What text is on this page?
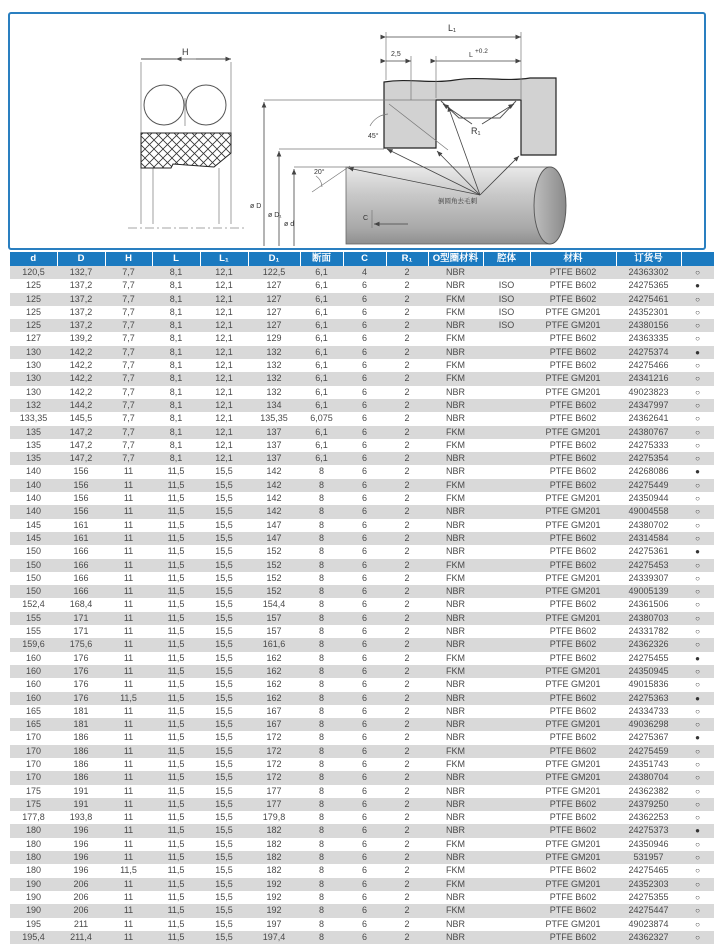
H
R₁
L₁
2,5	L
+0.2
45°
20°
ø D
ø D₁
ø d
C
倒圆角去毛刺
d	D	H	L	L₁	D₁	断面	C	R₁	O型圈材料	腔体	材料	订货号	
120,5	132,7	7,7	8,1	12,1	122,5	6,1	4	2	NBR		PTFE B602	24363302	○
125	137,2	7,7	8,1	12,1	127	6,1	6	2	NBR	ISO	PTFE B602	24275365	●
125	137,2	7,7	8,1	12,1	127	6,1	6	2	FKM	ISO	PTFE B602	24275461	○
125	137,2	7,7	8,1	12,1	127	6,1	6	2	FKM	ISO	PTFE GM201	24352301	○
125	137,2	7,7	8,1	12,1	127	6,1	6	2	NBR	ISO	PTFE GM201	24380156	○
127	139,2	7,7	8,1	12,1	129	6,1	6	2	FKM		PTFE B602	24363335	○
130	142,2	7,7	8,1	12,1	132	6,1	6	2	NBR		PTFE B602	24275374	●
130	142,2	7,7	8,1	12,1	132	6,1	6	2	FKM		PTFE B602	24275466	○
130	142,2	7,7	8,1	12,1	132	6,1	6	2	FKM		PTFE GM201	24341216	○
130	142,2	7,7	8,1	12,1	132	6,1	6	2	NBR		PTFE GM201	49023823	○
132	144,2	7,7	8,1	12,1	134	6,1	6	2	NBR		PTFE B602	24347997	○
133,35	145,5	7,7	8,1	12,1	135,35	6,075	6	2	NBR		PTFE B602	24362641	○
135	147,2	7,7	8,1	12,1	137	6,1	6	2	FKM		PTFE GM201	24380767	○
135	147,2	7,7	8,1	12,1	137	6,1	6	2	FKM		PTFE B602	24275333	○
135	147,2	7,7	8,1	12,1	137	6,1	6	2	NBR		PTFE B602	24275354	○
140	156	11	11,5	15,5	142	8	6	2	NBR		PTFE B602	24268086	●
140	156	11	11,5	15,5	142	8	6	2	FKM		PTFE B602	24275449	○
140	156	11	11,5	15,5	142	8	6	2	FKM		PTFE GM201	24350944	○
140	156	11	11,5	15,5	142	8	6	2	NBR		PTFE GM201	49004558	○
145	161	11	11,5	15,5	147	8	6	2	NBR		PTFE GM201	24380702	○
145	161	11	11,5	15,5	147	8	6	2	NBR		PTFE B602	24314584	○
150	166	11	11,5	15,5	152	8	6	2	NBR		PTFE B602	24275361	●
150	166	11	11,5	15,5	152	8	6	2	FKM		PTFE B602	24275453	○
150	166	11	11,5	15,5	152	8	6	2	FKM		PTFE GM201	24339307	○
150	166	11	11,5	15,5	152	8	6	2	NBR		PTFE GM201	49005139	○
152,4	168,4	11	11,5	15,5	154,4	8	6	2	NBR		PTFE B602	24361506	○
155	171	11	11,5	15,5	157	8	6	2	NBR		PTFE GM201	24380703	○
155	171	11	11,5	15,5	157	8	6	2	NBR		PTFE B602	24331782	○
159,6	175,6	11	11,5	15,5	161,6	8	6	2	NBR		PTFE B602	24362326	○
160	176	11	11,5	15,5	162	8	6	2	FKM		PTFE B602	24275455	●
160	176	11	11,5	15,5	162	8	6	2	FKM		PTFE GM201	24350945	○
160	176	11	11,5	15,5	162	8	6	2	NBR		PTFE GM201	49015836	○
160	176	11,5	11,5	15,5	162	8	6	2	NBR		PTFE B602	24275363	●
165	181	11	11,5	15,5	167	8	6	2	NBR		PTFE B602	24334733	○
165	181	11	11,5	15,5	167	8	6	2	NBR		PTFE GM201	49036298	○
170	186	11	11,5	15,5	172	8	6	2	NBR		PTFE B602	24275367	●
170	186	11	11,5	15,5	172	8	6	2	FKM		PTFE B602	24275459	○
170	186	11	11,5	15,5	172	8	6	2	FKM		PTFE GM201	24351743	○
170	186	11	11,5	15,5	172	8	6	2	NBR		PTFE GM201	24380704	○
175	191	11	11,5	15,5	177	8	6	2	NBR		PTFE GM201	24362382	○
175	191	11	11,5	15,5	177	8	6	2	NBR		PTFE B602	24379250	○
177,8	193,8	11	11,5	15,5	179,8	8	6	2	NBR		PTFE B602	24362253	○
180	196	11	11,5	15,5	182	8	6	2	NBR		PTFE B602	24275373	●
180	196	11	11,5	15,5	182	8	6	2	FKM		PTFE GM201	24350946	○
180	196	11	11,5	15,5	182	8	6	2	NBR		PTFE GM201	531957	○
180	196	11,5	11,5	15,5	182	8	6	2	FKM		PTFE B602	24275465	○
190	206	11	11,5	15,5	192	8	6	2	FKM		PTFE GM201	24352303	○
190	206	11	11,5	15,5	192	8	6	2	NBR		PTFE B602	24275355	○
190	206	11	11,5	15,5	192	8	6	2	FKM		PTFE B602	24275447	○
195	211	11	11,5	15,5	197	8	6	2	NBR		PTFE GM201	49023874	○
195,4	211,4	11	11,5	15,5	197,4	8	6	2	NBR		PTFE B602	24362327	○
